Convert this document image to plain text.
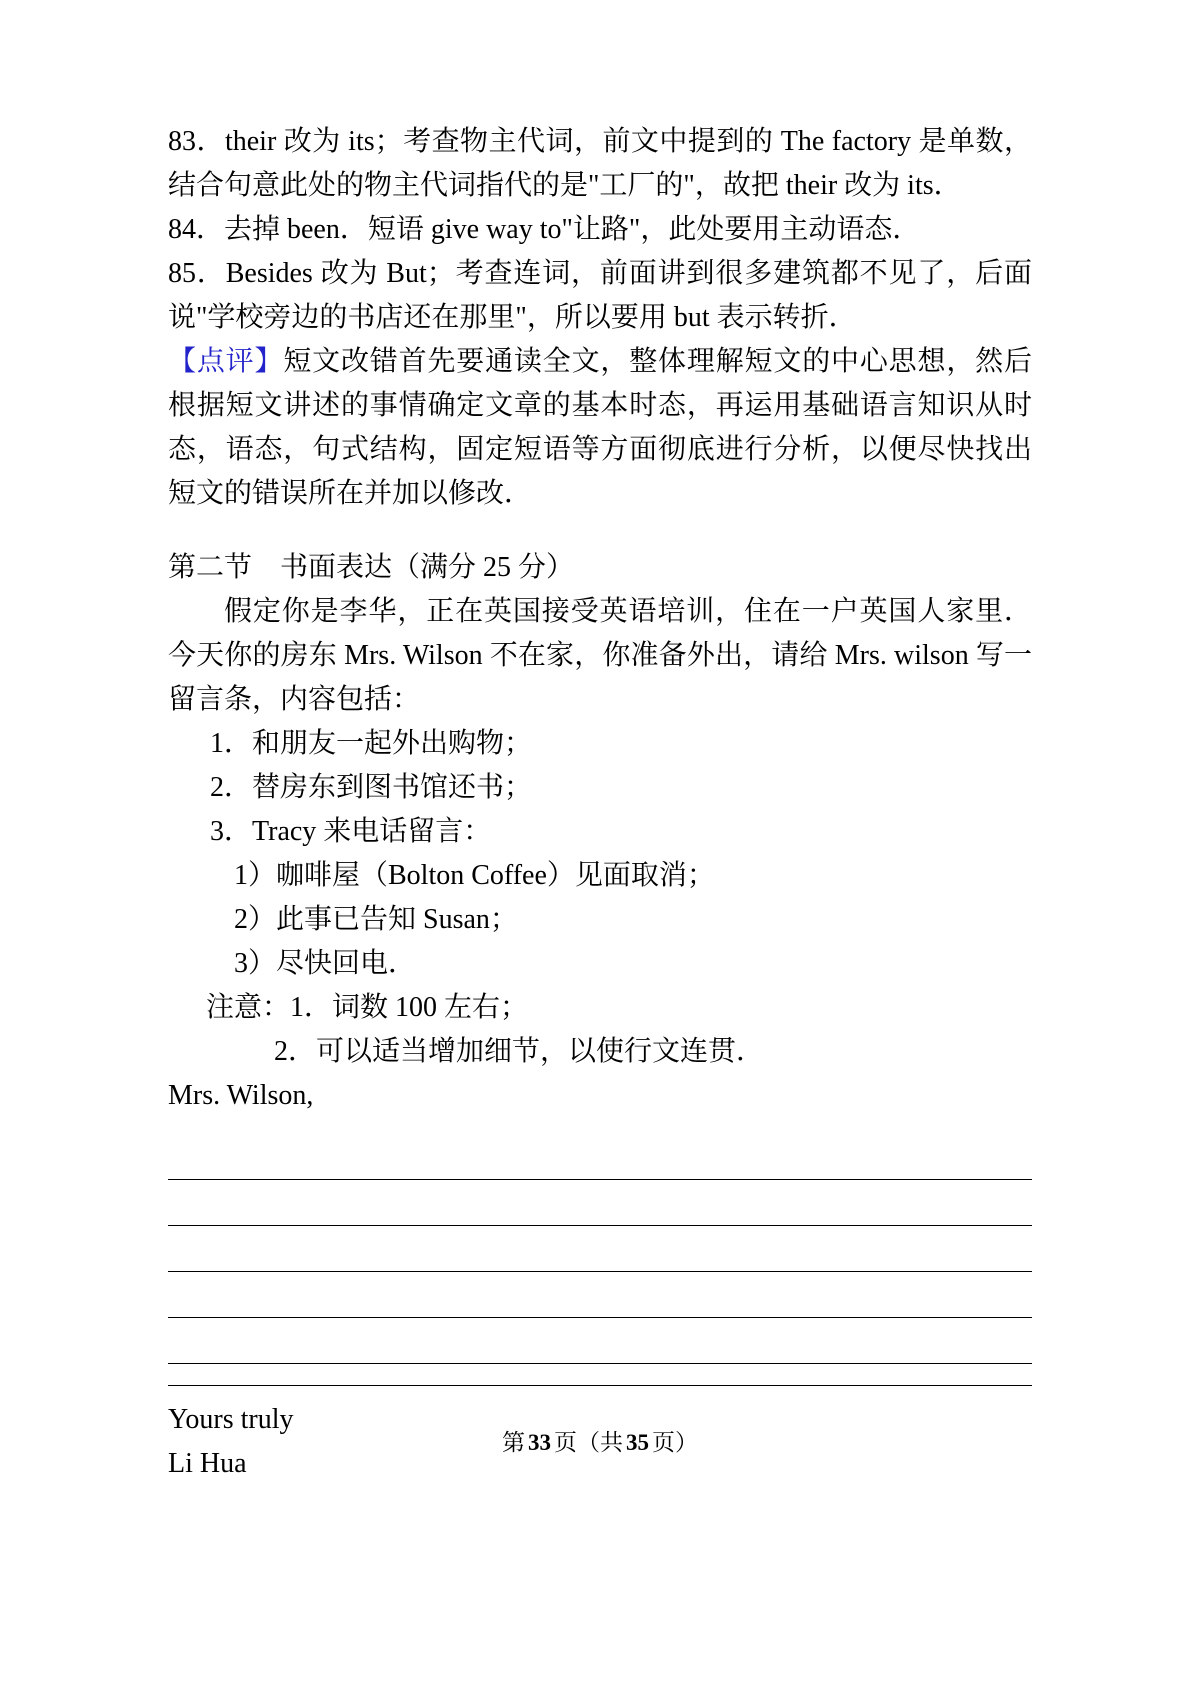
83．their 改为 its；考查物主代词，前文中提到的 The factory 是单数，结合句意此处的物主代词指代的是"工厂的"，故把 their 改为 its．

84．去掉 been．短语 give way to"让路"，此处要用主动语态．

85．Besides 改为 But；考查连词，前面讲到很多建筑都不见了，后面说"学校旁边的书店还在那里"，所以要用 but 表示转折．

【点评】短文改错首先要通读全文，整体理解短文的中心思想，然后根据短文讲述的事情确定文章的基本时态，再运用基础语言知识从时态，语态，句式结构，固定短语等方面彻底进行分析，以便尽快找出短文的错误所在并加以修改．

第二节　书面表达（满分 25 分）

假定你是李华，正在英国接受英语培训，住在一户英国人家里．今天你的房东 Mrs. Wilson 不在家，你准备外出，请给 Mrs. wilson 写一留言条，内容包括：

1．和朋友一起外出购物；

2．替房东到图书馆还书；

3．Tracy 来电话留言：

1）咖啡屋（Bolton Coffee）见面取消；

2）此事已告知 Susan；

3）尽快回电．

注意：1．词数 100 左右；

2．可以适当增加细节，以使行文连贯．

Mrs. Wilson,

Yours truly

Li Hua

第 33 页（共 35 页）
